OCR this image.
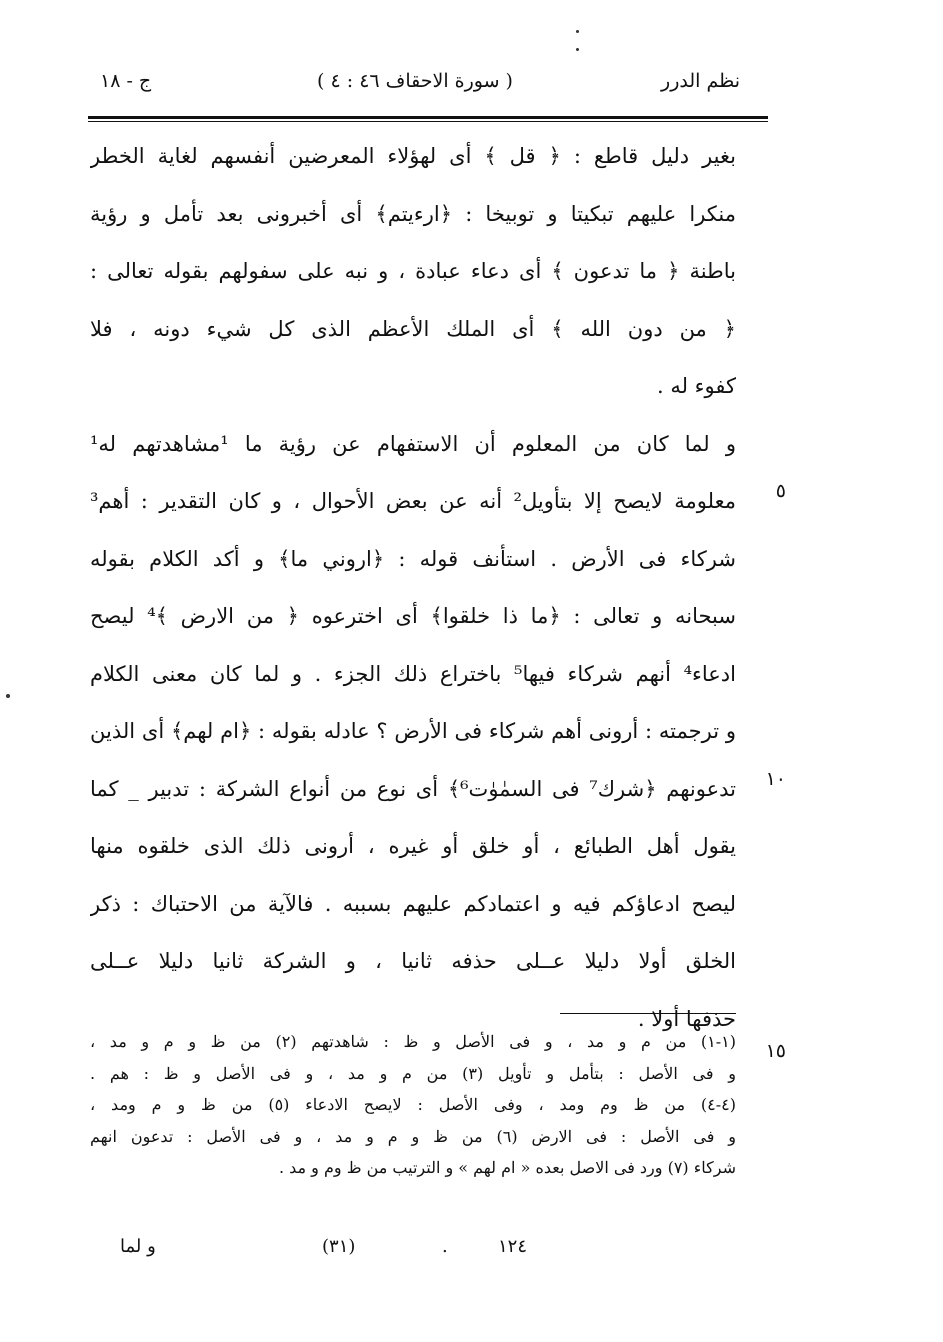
نظم الدرر
( سورة الاحقاف ٤٦ : ٤ )
ج - ١٨
بغير دليل قاطع : ﴿ قل ﴾ أى لهؤلاء المعرضين أنفسهم لغاية الخطر
منكرا عليهم تبكيتا و توبيخا : ﴿ارءيتم﴾ أى أخبرونى بعد تأمل و رؤية
باطنة ﴿ ما تدعون ﴾ أى دعاء عبادة ، و نبه على سفولهم بقوله تعالى :
﴿ من دون الله ﴾ أى الملك الأعظم الذى كل شيء دونه ، فلا
كفوء له .
و لما كان من المعلوم أن الاستفهام عن رؤية ما ¹مشاهدتهم له¹
معلومة لايصح إلا بتأويل² أنه عن بعض الأحوال ، و كان التقدير : أهم³
شركاء فى الأرض . استأنف قوله : ﴿اروني ما﴾ و أكد الكلام بقوله
سبحانه و تعالى : ﴿ما ذا خلقوا﴾ أى اخترعوه ﴿ من الارض ﴾⁴ ليصح
ادعاء⁴ أنهم شركاء فيها⁵ باختراع ذلك الجزء . و لما كان معنى الكلام
و ترجمته : أرونى أهم شركاء فى الأرض ؟ عادله بقوله : ﴿ام لهم﴾ أى الذين
تدعونهم ﴿شرك⁷ فى السمٰوٰت⁶﴾ أى نوع من أنواع الشركة : تدبير _ كما
يقول أهل الطبائع ، أو خلق أو غيره ، أرونى ذلك الذى خلقوه منها
ليصح ادعاؤكم فيه و اعتمادكم عليهم بسببه . فالآية من الاحتباك : ذكر
الخلق أولا دليلا عــلى حذفه ثانيا ، و الشركة ثانيا دليلا عــلى
حذفها أولا .
٥
١٠
١٥
(١-١) من م و مد ، و فى الأصل و ظ : شاهدتهم (٢) من ظ و م و مد ،
و فى الأصل : بتأمل و تأويل (٣) من م و مد ، و فى الأصل و ظ : هم .
(٤-٤) من ظ وم ومد ، وفى الأصل : لايصح الادعاء (٥) من ظ و م ومد ،
و فى الأصل : فى الارض (٦) من ظ و م و مد ، و فى الأصل : تدعون انهم
شركاء (٧) ورد فى الاصل بعده « ام لهم » و الترتيب من ظ وم و مد .
و لما	١٢٤
.
(٣١)
